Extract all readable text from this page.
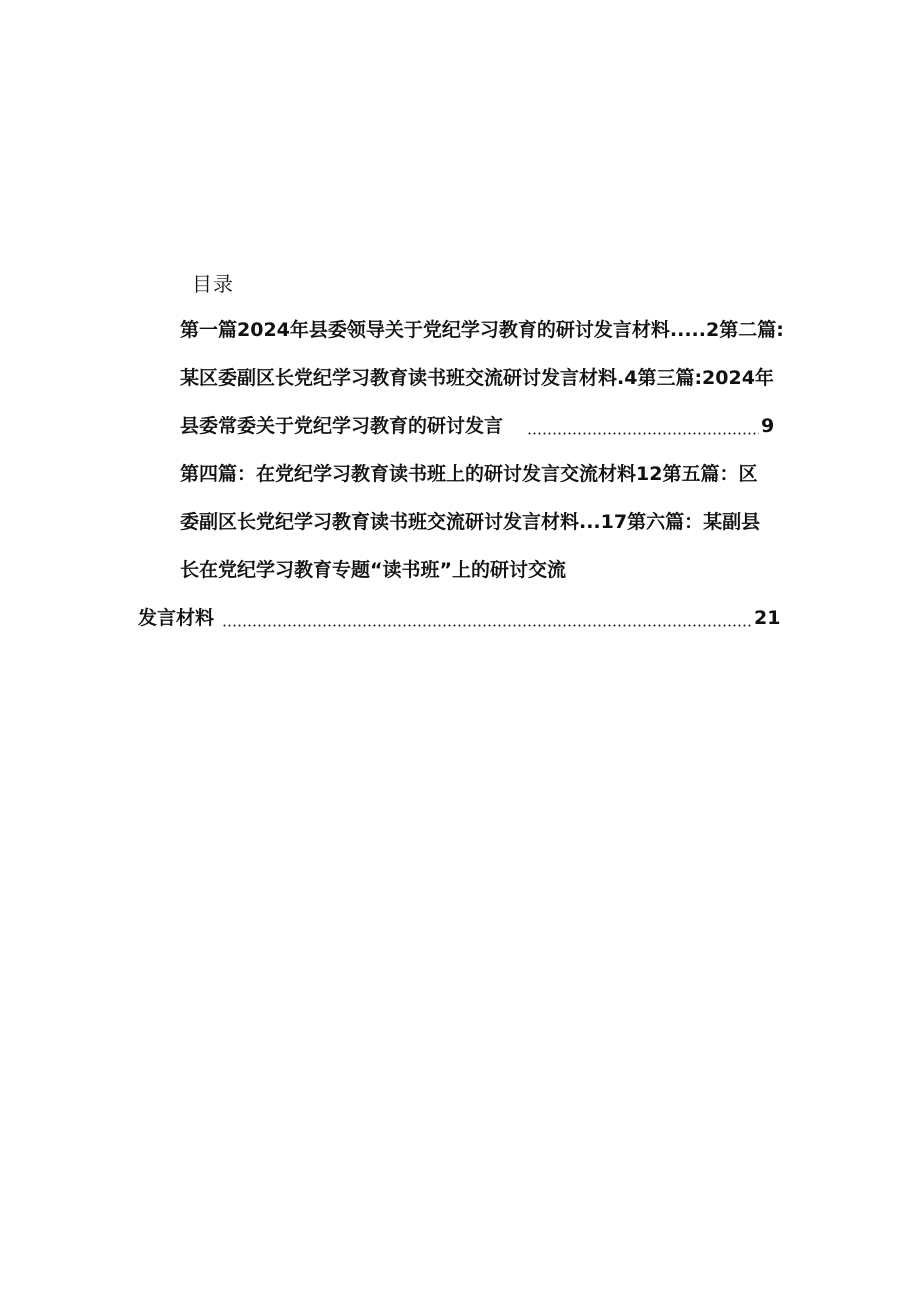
目录
第一篇2024年县委领导关于党纪学习教育的研讨发言材料.....2第二篇:
某区委副区长党纪学习教育读书班交流研讨发言材料.4第三篇:2024年
县委常委关于党纪学习教育的研讨发言	9
第四篇：在党纪学习教育读书班上的研讨发言交流材料12第五篇：区
委副区长党纪学习教育读书班交流研讨发言材料...17第六篇：某副县
长在党纪学习教育专题“读书班”上的研讨交流
发言材料	21
